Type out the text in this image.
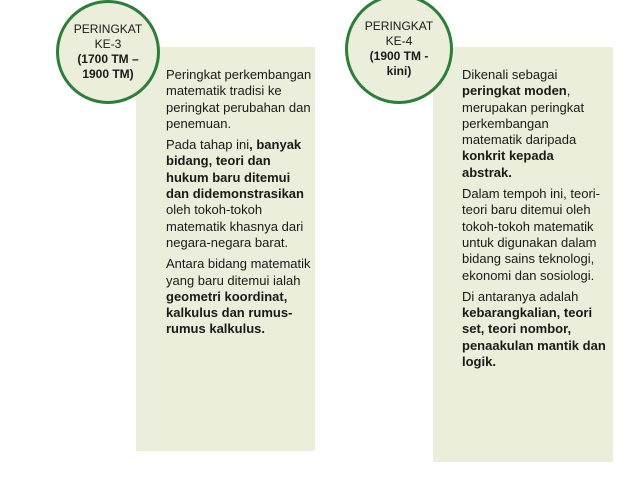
PERINGKAT
KE-3
(1700 TM –
1900 TM)
PERINGKAT
KE-4
(1900 TM -
kini)

Peringkat perkembangan matematik tradisi ke peringkat perubahan dan penemuan.

Pada tahap ini, banyak bidang, teori dan hukum baru ditemui dan didemonstrasikan oleh tokoh-tokoh matematik khasnya dari negara-negara barat.

Antara bidang matematik yang baru ditemui ialah geometri koordinat, kalkulus dan rumus-rumus kalkulus.

Dikenali sebagai peringkat moden, merupakan peringkat perkembangan matematik daripada konkrit kepada abstrak.

Dalam tempoh ini, teori-teori baru ditemui oleh tokoh-tokoh matematik untuk digunakan dalam bidang sains teknologi, ekonomi dan sosiologi.

Di antaranya adalah kebarangkalian, teori set, teori nombor, penaakulan mantik dan logik.
